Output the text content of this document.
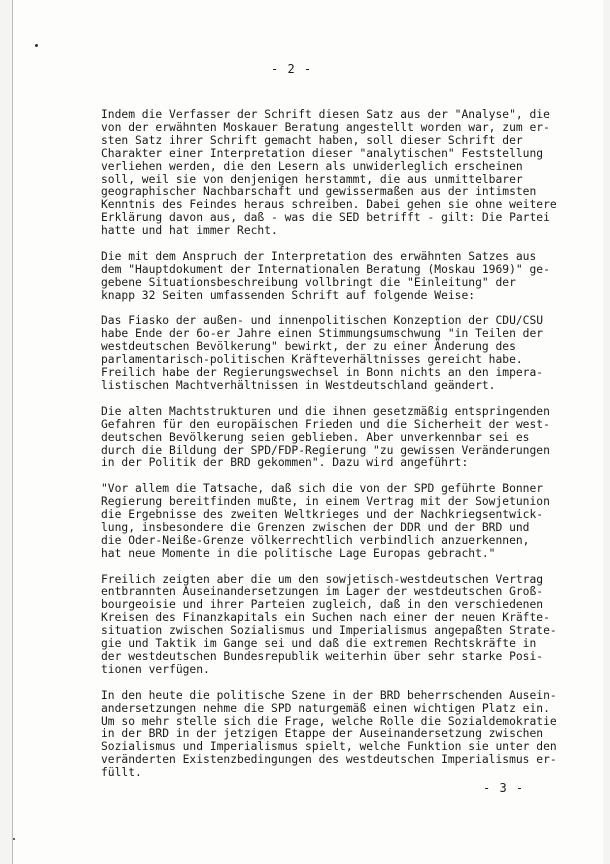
- 2 -
Indem die Verfasser der Schrift diesen Satz aus der "Analyse", die
von der erwähnten Moskauer Beratung angestellt worden war, zum er-
sten Satz ihrer Schrift gemacht haben, soll dieser Schrift der
Charakter einer Interpretation dieser "analytischen" Feststellung
verliehen werden, die den Lesern als unwiderleglich erscheinen
soll, weil sie von denjenigen herstammt, die aus unmittelbarer
geographischer Nachbarschaft und gewissermaßen aus der intimsten
Kenntnis des Feindes heraus schreiben. Dabei gehen sie ohne weitere
Erklärung davon aus, daß - was die SED betrifft - gilt: Die Partei
hatte und hat immer Recht.
Die mit dem Anspruch der Interpretation des erwähnten Satzes aus
dem "Hauptdokument der Internationalen Beratung (Moskau 1969)" ge-
gebene Situationsbeschreibung vollbringt die "Einleitung" der
knapp 32 Seiten umfassenden Schrift auf folgende Weise:
Das Fiasko der außen- und innenpolitischen Konzeption der CDU/CSU
habe Ende der 6o-er Jahre einen Stimmungsumschwung "in Teilen der
westdeutschen Bevölkerung" bewirkt, der zu einer Änderung des
parlamentarisch-politischen Kräfteverhältnisses gereicht habe.
Freilich habe der Regierungswechsel in Bonn nichts an den impera-
listischen Machtverhältnissen in Westdeutschland geändert.
Die alten Machtstrukturen und die ihnen gesetzmäßig entspringenden
Gefahren für den europäischen Frieden und die Sicherheit der west-
deutschen Bevölkerung seien geblieben. Aber unverkennbar sei es
durch die Bildung der SPD/FDP-Regierung "zu gewissen Veränderungen
in der Politik der BRD gekommen". Dazu wird angeführt:
"Vor allem die Tatsache, daß sich die von der SPD geführte Bonner
Regierung bereitfinden mußte, in einem Vertrag mit der Sowjetunion
die Ergebnisse des zweiten Weltkrieges und der Nachkriegsentwick-
lung, insbesondere die Grenzen zwischen der DDR und der BRD und
die Oder-Neiße-Grenze völkerrechtlich verbindlich anzuerkennen,
hat neue Momente in die politische Lage Europas gebracht."
Freilich zeigten aber die um den sowjetisch-westdeutschen Vertrag
entbrannten Auseinandersetzungen im Lager der westdeutschen Groß-
bourgeoisie und ihrer Parteien zugleich, daß in den verschiedenen
Kreisen des Finanzkapitals ein Suchen nach einer der neuen Kräfte-
situation zwischen Sozialismus und Imperialismus angepaßten Strate-
gie und Taktik im Gange sei und daß die extremen Rechtskräfte in
der westdeutschen Bundesrepublik weiterhin über sehr starke Posi-
tionen verfügen.
In den heute die politische Szene in der BRD beherrschenden Ausein-
andersetzungen nehme die SPD naturgemäß einen wichtigen Platz ein.
Um so mehr stelle sich die Frage, welche Rolle die Sozialdemokratie
in der BRD in der jetzigen Etappe der Auseinandersetzung zwischen
Sozialismus und Imperialismus spielt, welche Funktion sie unter den
veränderten Existenzbedingungen des westdeutschen Imperialismus er-
füllt.
- 3 -
